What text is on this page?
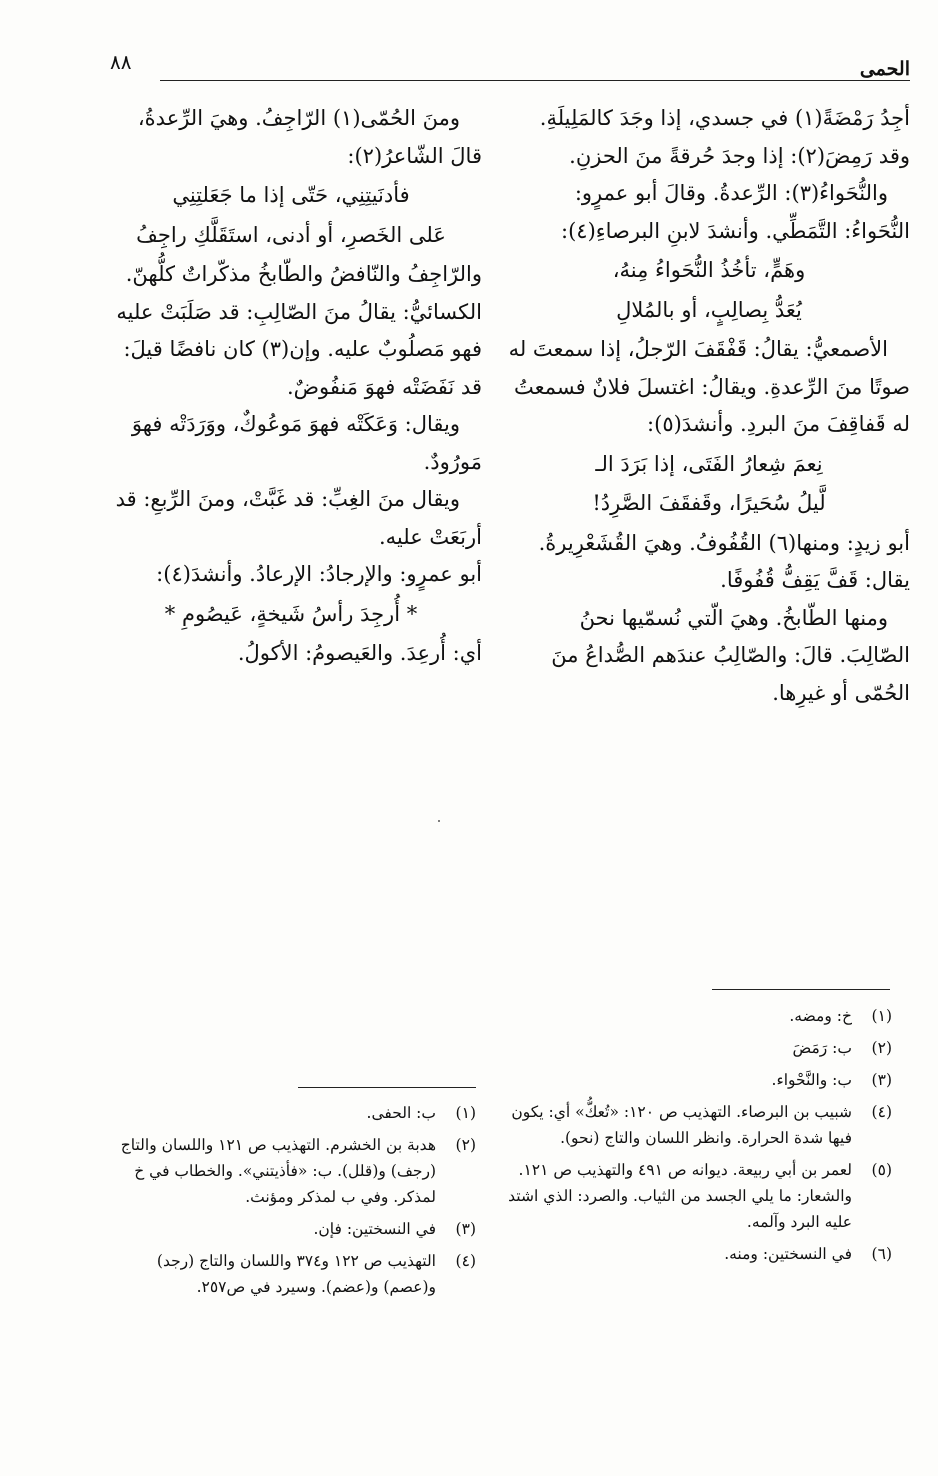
٨٨	الحمى

أجِدُ رَمْضَةً(١) في جسدي، إذا وجَدَ كالمَلِيلَةِ.

وقد رَمِضَ(٢): إذا وجدَ حُرقةً منَ الحزنِ.

والنُّحَواءُ(٣): الرِّعدةُ. وقالَ أبو عمرٍو: النُّحَواءُ: التَّمَطِّي. وأنشدَ لابنِ البرصاءِ(٤):

وهَمٍّ، تأخُذُ النُّحَواءُ مِنهُ،

يُعَدُّ بِصالِبٍ، أو بالمُلالِ

الأصمعيُّ: يقالُ: قَفْقَفَ الرّجلُ، إذا سمعتَ له صوتًا منَ الرِّعدةِ. ويقالُ: اغتسلَ فلانٌ فسمعتُ له قَفاقِفَ منَ البردِ. وأنشدَ(٥):

نِعمَ شِعارُ الفَتَى، إذا بَرَدَ الـ

لَّيلُ سُحَيرًا، وقَفقَفَ الصَّرِدُ!

أبو زيدٍ: ومنها(٦) القُفُوفُ. وهيَ القُشَعْرِيرةُ. يقال: قَفَّ يَقِفُّ قُفُوفًا.

ومنها الطّابخُ. وهيَ الّتي نُسمّيها نحنُ الصّالِبَ. قالَ: والصّالِبُ عندَهم الصُّداعُ منَ الحُمّى أو غيرِها.

ومنَ الحُمّى(١) الرّاجِفُ. وهيَ الرِّعدةُ، قالَ الشّاعرُ(٢):

فأدنَيتِنِي، حَتّى إذا ما جَعَلتِنِي

عَلى الخَصرِ، أو أدنى، استَقَلَّكِ راجِفُ

والرّاجِفُ والنّافضُ والطّابخُ مذكّراتٌ كلُّهنّ. الكسائيُّ: يقالُ منَ الصّالِبِ: قد صَلَبَتْ عليه فهو مَصلُوبٌ عليه. وإن(٣) كان نافضًا قيلَ: قد نَفَضَتْه فهوَ مَنفُوضٌ.

ويقال: وَعَكَتْه فهوَ مَوعُوكٌ، ووَرَدَتْه فهوَ مَورُودٌ.

ويقال منَ الغِبِّ: قد غَبَّتْ، ومنَ الرِّبعِ: قد أربَعَتْ عليه.

أبو عمرٍو: والإرجادُ: الإرعادُ. وأنشدَ(٤):

* أُرجِدَ رأسُ شَيخةٍ، عَيصُومِ *

أي: أُرعِدَ. والعَيصومُ: الأكولُ.

(١)
خ: ومضه.
(٢)
ب: رَمَضَ
(٣)
ب: والنَّحْواء.
(٤)
شبيب بن البرصاء. التهذيب ص ١٢٠: «تُعكُّ» أي: يكون فيها شدة الحرارة. وانظر اللسان والتاج (نحو).
(٥)
لعمر بن أبي ربيعة. ديوانه ص ٤٩١ والتهذيب ص ١٢١. والشعار: ما يلي الجسد من الثياب. والصرد: الذي اشتد عليه البرد وآلمه.
(٦)
في النسختين: ومنه.
(١)
ب: الحفى.
(٢)
هدبة بن الخشرم. التهذيب ص ١٢١ واللسان والتاج (رجف) و(قلل). ب: «فأذيتني». والخطاب في خ لمذكر. وفي ب لمذكر ومؤنث.
(٣)
في النسختين: فإن.
(٤)
التهذيب ص ١٢٢ و٣٧٤ واللسان والتاج (رجد) و(عصم) و(عضم). وسيرد في ص٢٥٧.
